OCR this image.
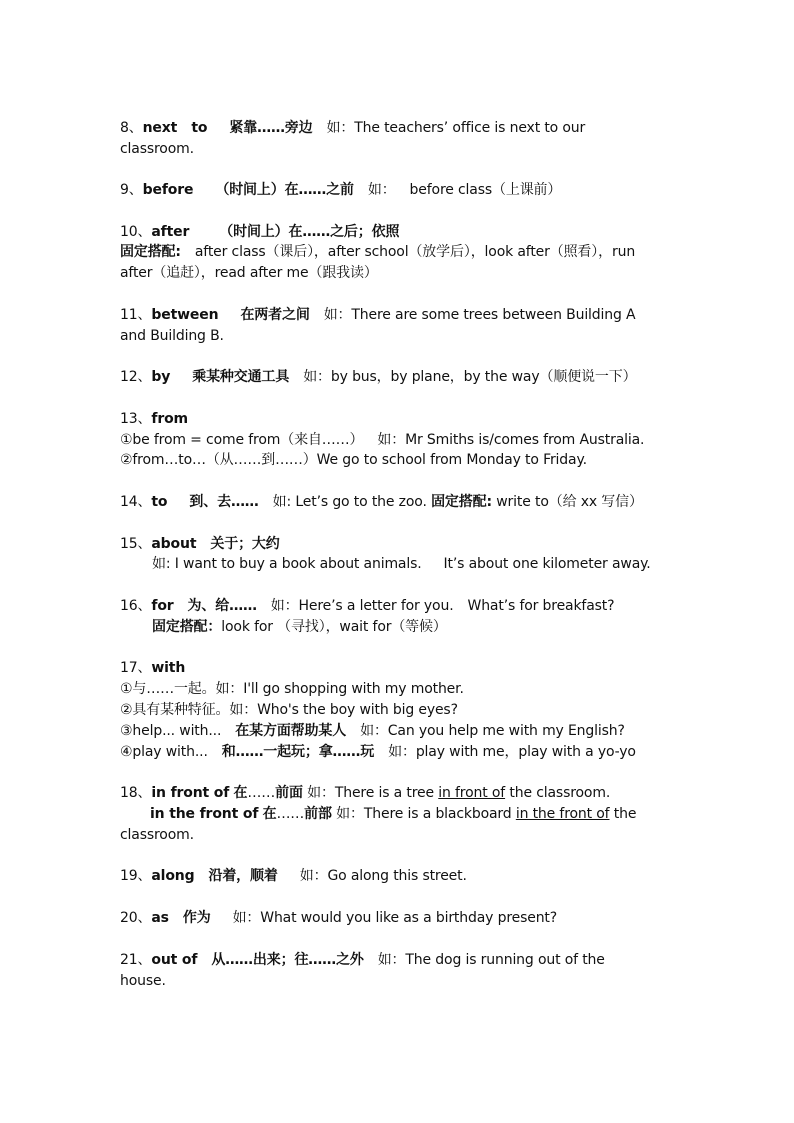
8、next   to 紧靠……旁边 如：The teachers’ office is next to our
classroom.
9、before （时间上）在……之前 如： before class（上课前）
10、after （时间上）在……之后；依照
固定搭配: after class（课后），after school（放学后），look after（照看），run
after（追赶），read after me（跟我读）
11、between 在两者之间 如：There are some trees between Building A
and Building B.
12、by 乘某种交通工具 如：by bus，by plane，by the way（顺便说一下）
13、from
①be from = come from（来自……） 如：Mr Smiths is/comes from Australia.
②from…to…（从……到……）We go to school from Monday to Friday.
14、to 到、去…… 如: Let’s go to the zoo. 固定搭配: write to（给 xx 写信）
15、about 关于；大约
如: I want to buy a book about animals. It’s about one kilometer away.
16、for 为、给…… 如：Here’s a letter for you. What’s for breakfast?
固定搭配：look for （寻找），wait for（等候）
17、with
①与……一起。如：I'll go shopping with my mother.
②具有某种特征。如：Who's the boy with big eyes?
③help... with... 在某方面帮助某人 如：Can you help me with my English?
④play with... 和……一起玩；拿……玩 如：play with me，play with a yo-yo
18、in front of 在……前面 如：There is a tree in front of the classroom.
in the front of 在……前部 如：There is a blackboard in the front of the
classroom.
19、along 沿着，顺着 如：Go along this street.
20、as 作为 如：What would you like as a birthday present?
21、out of 从……出来；往……之外 如：The dog is running out of the
house.
